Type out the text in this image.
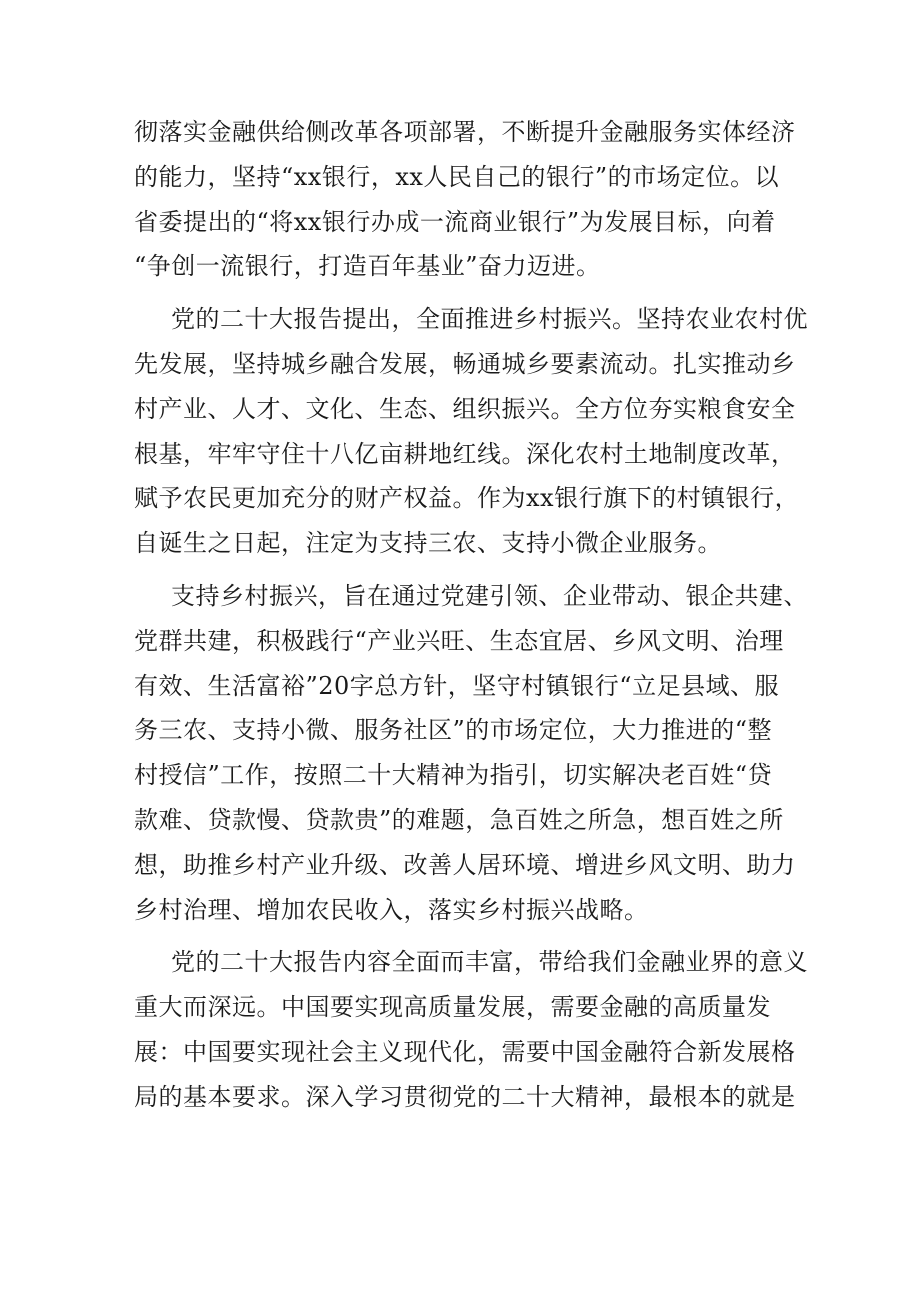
彻落实金融供给侧改革各项部署，不断提升金融服务实体经济
的能力，坚持“xx银行，xx人民自己的银行”的市场定位。以
省委提出的“将xx银行办成一流商业银行”为发展目标，向着
“争创一流银行，打造百年基业”奋力迈进。
党的二十大报告提出，全面推进乡村振兴。坚持农业农村优
先发展，坚持城乡融合发展，畅通城乡要素流动。扎实推动乡
村产业、人才、文化、生态、组织振兴。全方位夯实粮食安全
根基，牢牢守住十八亿亩耕地红线。深化农村土地制度改革，
赋予农民更加充分的财产权益。作为xx银行旗下的村镇银行，
自诞生之日起，注定为支持三农、支持小微企业服务。
支持乡村振兴，旨在通过党建引领、企业带动、银企共建、
党群共建，积极践行“产业兴旺、生态宜居、乡风文明、治理
有效、生活富裕”20字总方针，坚守村镇银行“立足县域、服
务三农、支持小微、服务社区”的市场定位，大力推进的“整
村授信”工作，按照二十大精神为指引，切实解决老百姓“贷
款难、贷款慢、贷款贵”的难题，急百姓之所急，想百姓之所
想，助推乡村产业升级、改善人居环境、增进乡风文明、助力
乡村治理、增加农民收入，落实乡村振兴战略。
党的二十大报告内容全面而丰富，带给我们金融业界的意义
重大而深远。中国要实现高质量发展，需要金融的高质量发
展：中国要实现社会主义现代化，需要中国金融符合新发展格
局的基本要求。深入学习贯彻党的二十大精神，最根本的就是
